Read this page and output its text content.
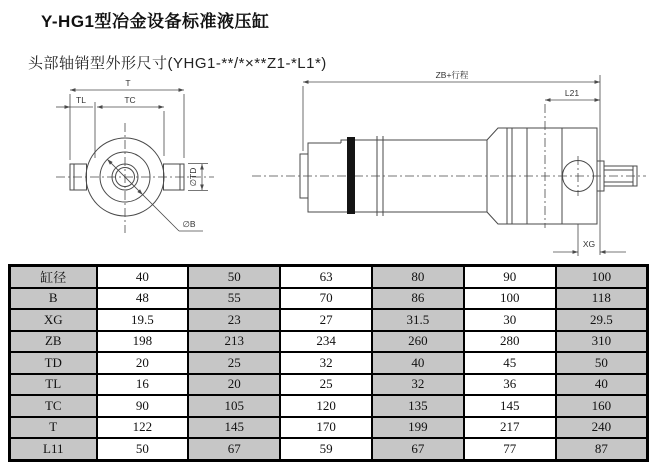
Y-HG1型冶金设备标准液压缸
头部轴销型外形尺寸(YHG1-**/*×**Z1-*L1*)
T
TL	TC
∅TD
∅B
ZB+行程
L21
XG
缸径	40	50	63	80	90	100
B	48	55	70	86	100	118
XG	19.5	23	27	31.5	30	29.5
ZB	198	213	234	260	280	310
TD	20	25	32	40	45	50
TL	16	20	25	32	36	40
TC	90	105	120	135	145	160
T	122	145	170	199	217	240
L11	50	67	59	67	77	87
